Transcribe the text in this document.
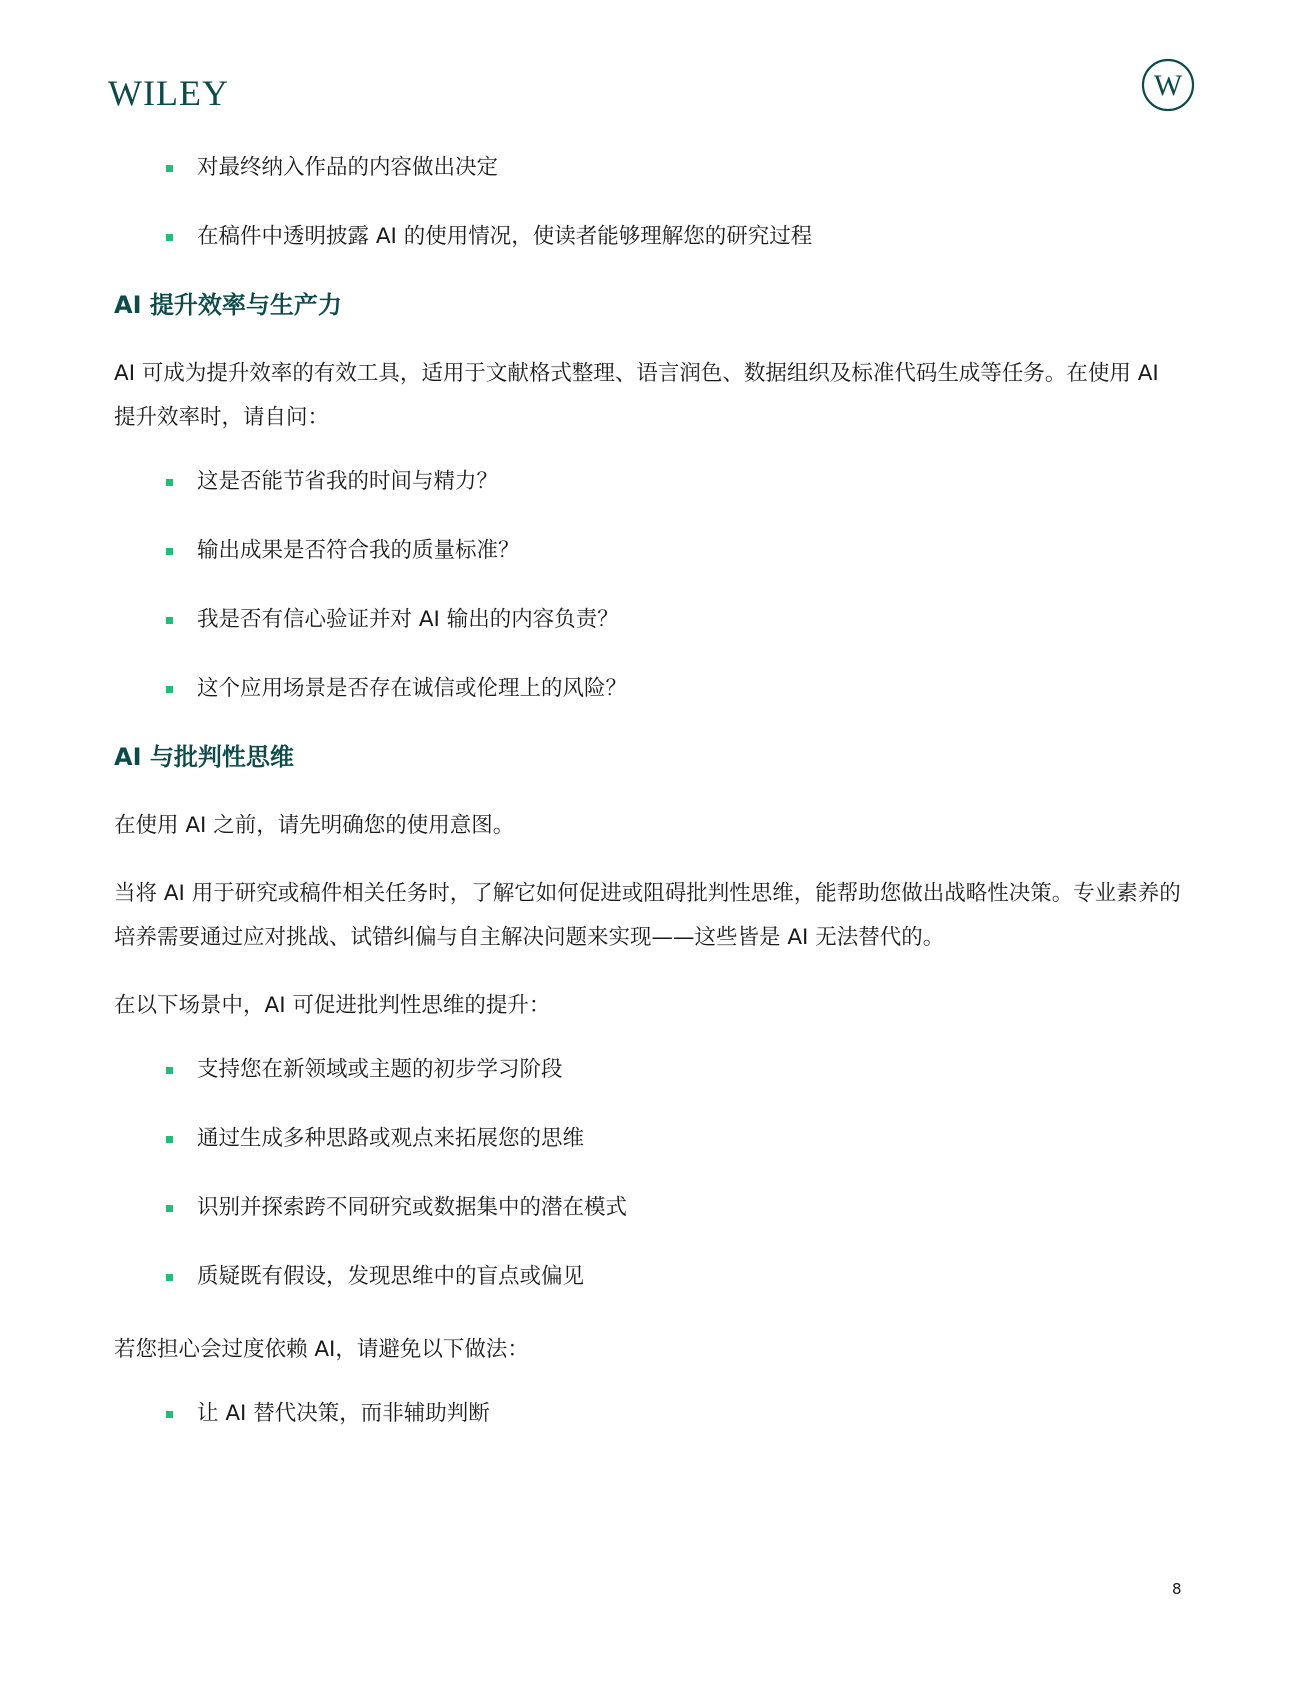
WILEY	W
对最终纳入作品的内容做出决定
在稿件中透明披露 AI 的使用情况，使读者能够理解您的研究过程
AI 提升效率与生产力
AI 可成为提升效率的有效工具，适用于文献格式整理、语言润色、数据组织及标准代码生成等任务。在使用 AI 提升效率时，请自问：
这是否能节省我的时间与精力？
输出成果是否符合我的质量标准？
我是否有信心验证并对 AI 输出的内容负责？
这个应用场景是否存在诚信或伦理上的风险？
AI 与批判性思维
在使用 AI 之前，请先明确您的使用意图。
当将 AI 用于研究或稿件相关任务时，了解它如何促进或阻碍批判性思维，能帮助您做出战略性决策。专业素养的培养需要通过应对挑战、试错纠偏与自主解决问题来实现——这些皆是 AI 无法替代的。
在以下场景中，AI 可促进批判性思维的提升：
支持您在新领域或主题的初步学习阶段
通过生成多种思路或观点来拓展您的思维
识别并探索跨不同研究或数据集中的潜在模式
质疑既有假设，发现思维中的盲点或偏见
若您担心会过度依赖 AI，请避免以下做法：
让 AI 替代决策，而非辅助判断
8
